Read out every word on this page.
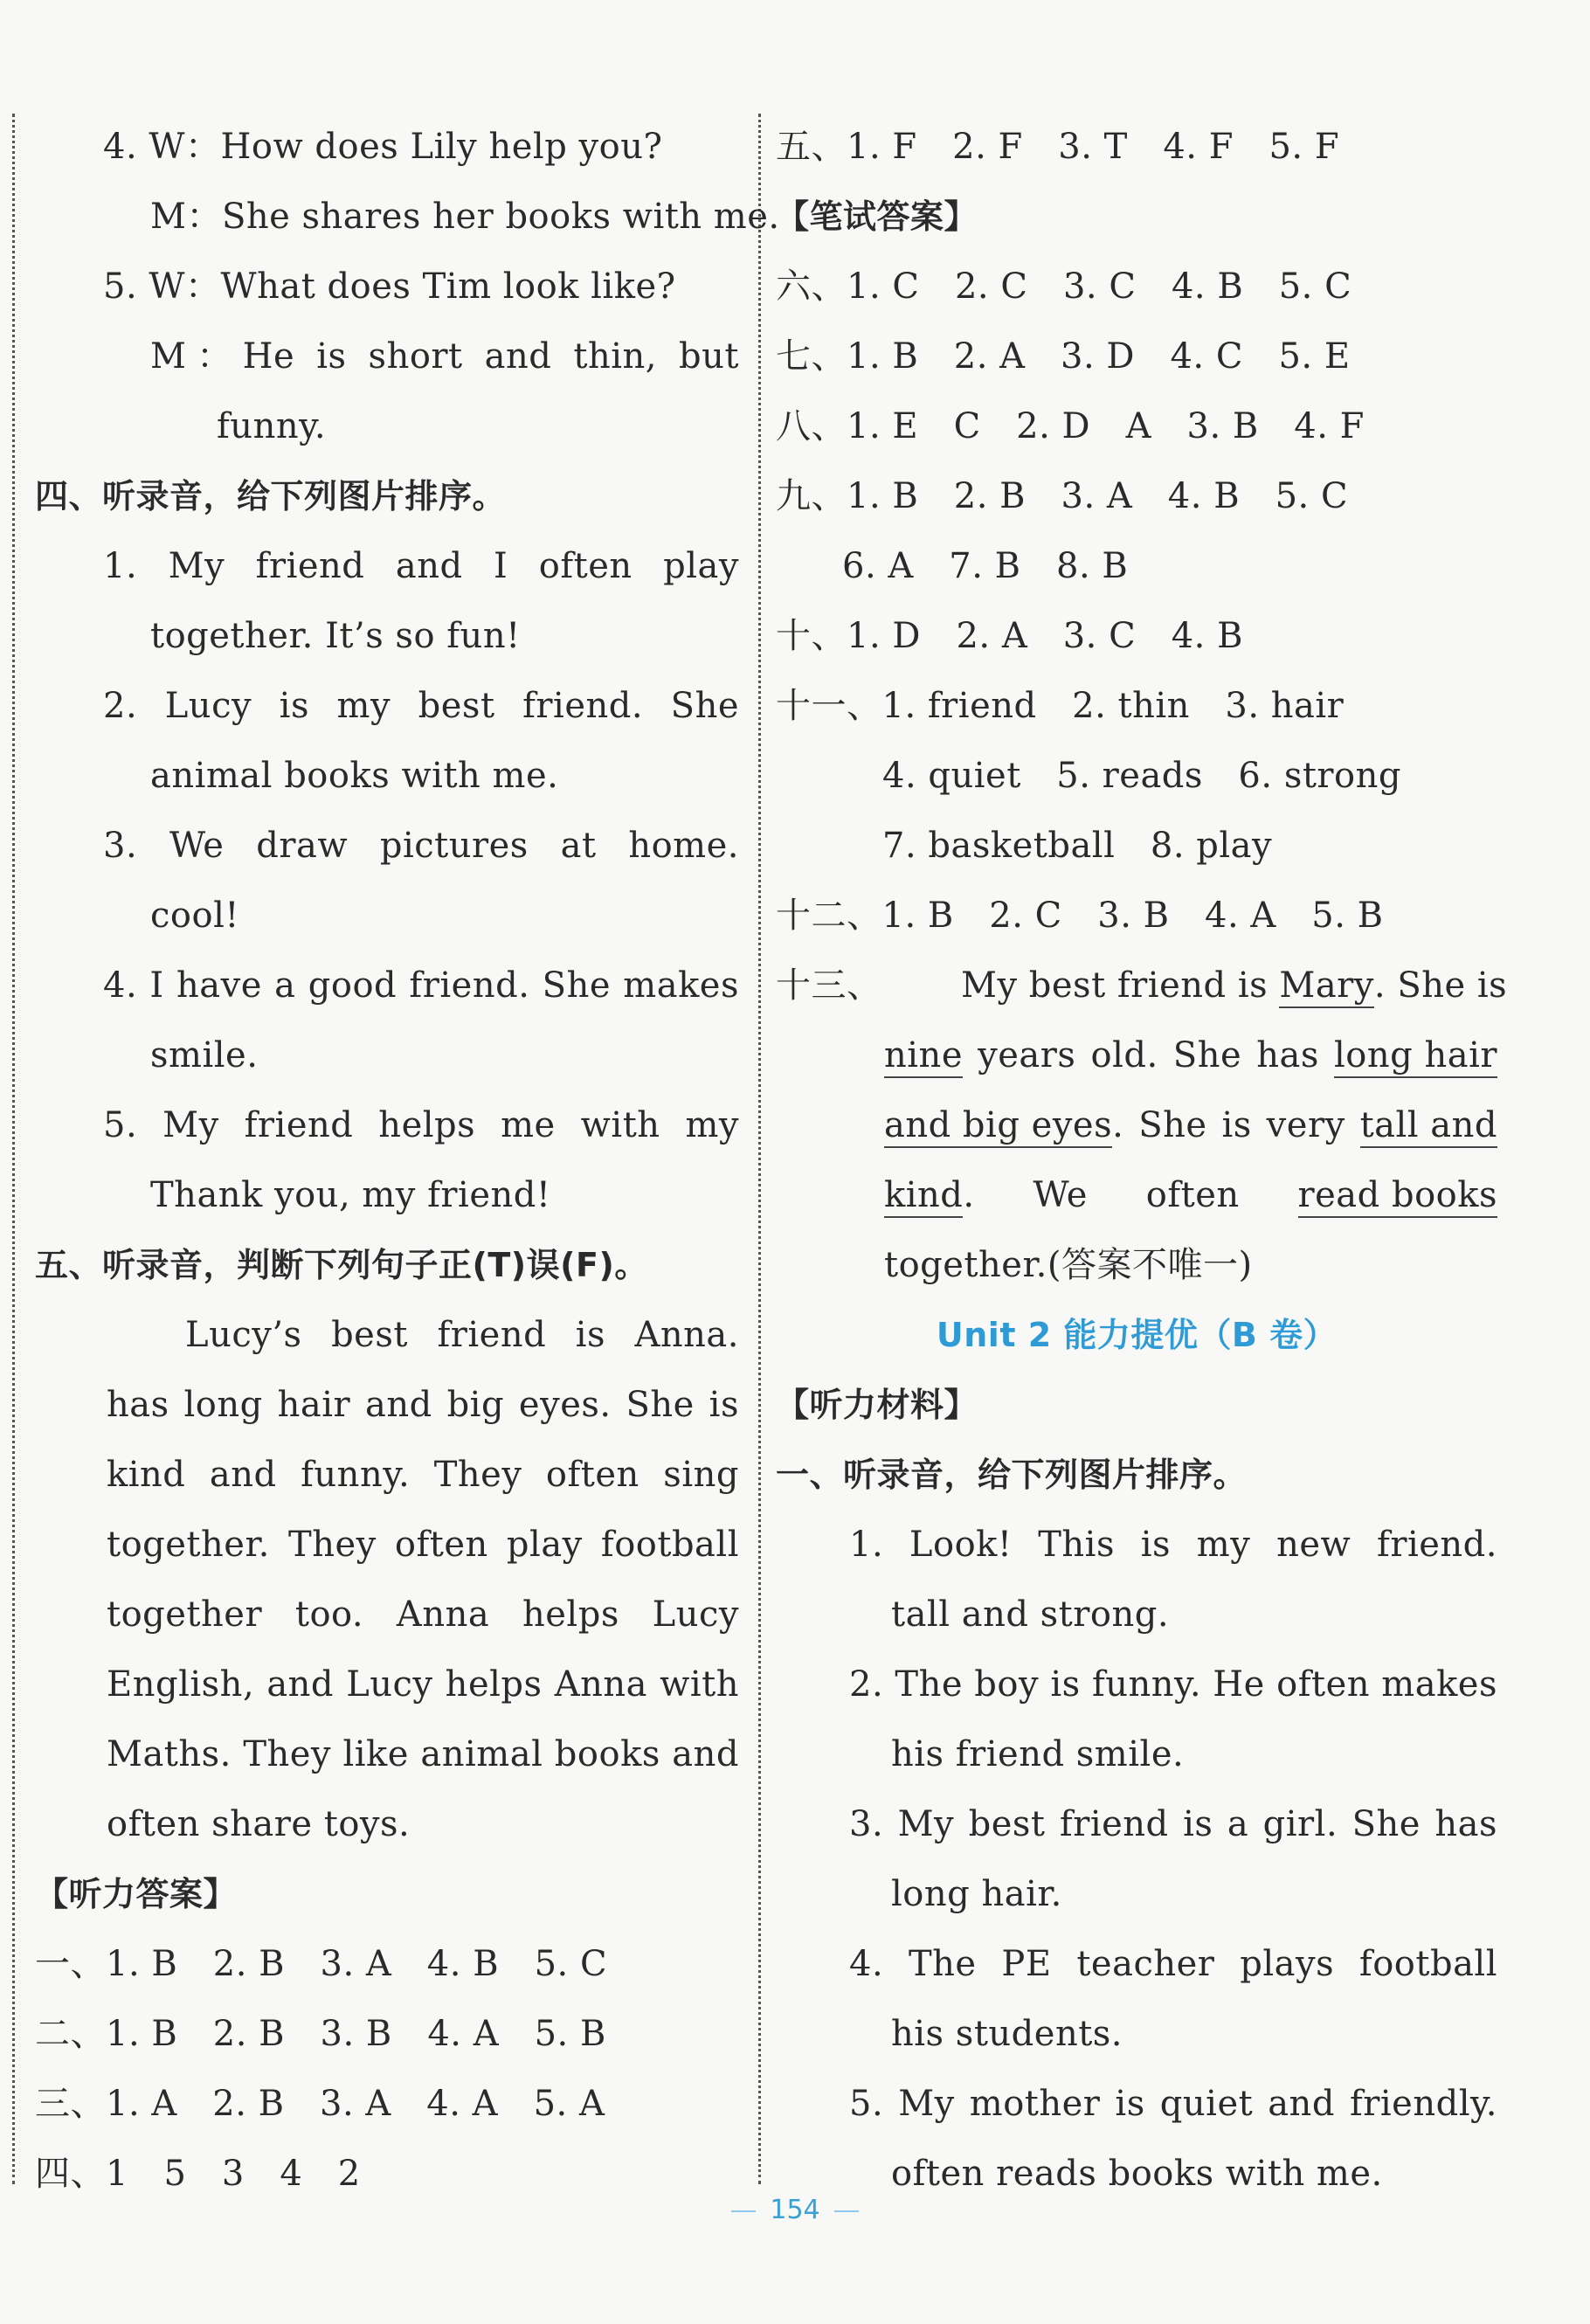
4. W：How does Lily help you?
M：She shares her books with me.
5. W：What does Tim look like?
M：He is short and thin, but
funny.
四、听录音，给下列图片排序。
1. My friend and I often play
together. It’s so fun!
2. Lucy is my best friend. She
animal books with me.
3. We draw pictures at home.
cool!
4. I have a good friend. She makes
smile.
5. My friend helps me with my
Thank you, my friend!
五、听录音，判断下列句子正(T)误(F)。
Lucy’s best friend is Anna.
has long hair and big eyes. She is
kind and funny. They often sing
together. They often play football
together too. Anna helps Lucy
English, and Lucy helps Anna with
Maths. They like animal books and
often share toys.
【听力答案】
一、1. B　2. B　3. A　4. B　5. C
二、1. B　2. B　3. B　4. A　5. B
三、1. A　2. B　3. A　4. A　5. A
四、1　5　3　4　2
五、1. F　2. F　3. T　4. F　5. F
【笔试答案】
六、1. C　2. C　3. C　4. B　5. C
七、1. B　2. A　3. D　4. C　5. E
八、1. E　C　2. D　A　3. B　4. F
九、1. B　2. B　3. A　4. B　5. C
6. A　7. B　8. B
十、1. D　2. A　3. C　4. B
十一、1. friend　2. thin　3. hair
4. quiet　5. reads　6. strong
7. basketball　8. play
十二、1. B　2. C　3. B　4. A　5. B
十三、 My best friend is Mary. She is
nine years old. She has long hair
and big eyes. She is very tall and
kind. We often read books
together.(答案不唯一)
Unit 2 能力提优（B 卷）
【听力材料】
一、听录音，给下列图片排序。
1. Look! This is my new friend.
tall and strong.
2. The boy is funny. He often makes
his friend smile.
3. My best friend is a girl. She has
long hair.
4. The PE teacher plays football
his students.
5. My mother is quiet and friendly.
often reads books with me.
154
